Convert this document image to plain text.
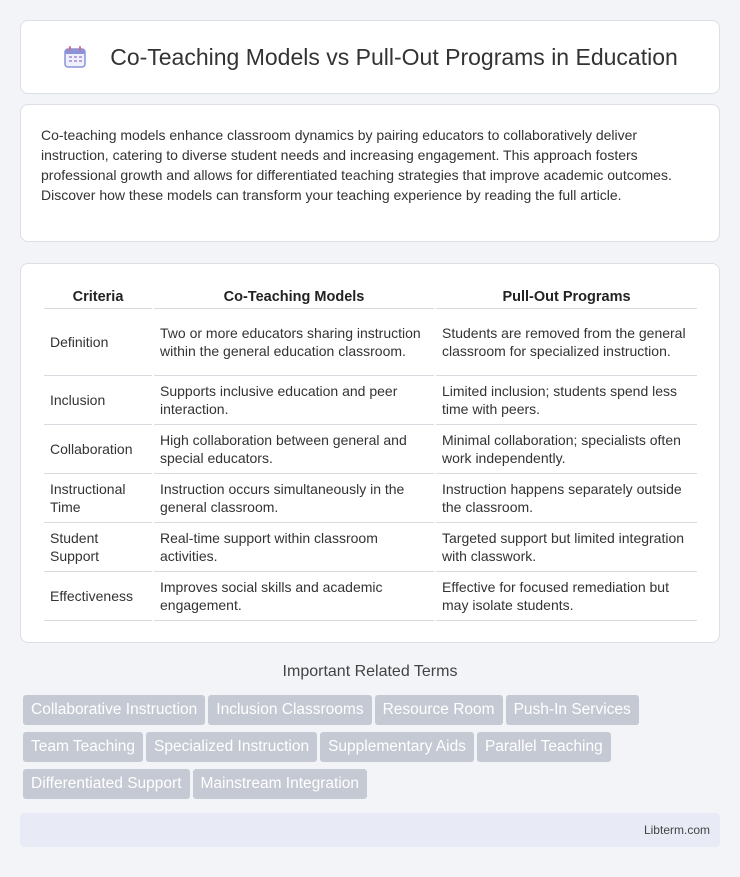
Co-Teaching Models vs Pull-Out Programs in Education

Co-teaching models enhance classroom dynamics by pairing educators to collaboratively deliver instruction, catering to diverse student needs and increasing engagement. This approach fosters professional growth and allows for differentiated teaching strategies that improve academic outcomes. Discover how these models can transform your teaching experience by reading the full article.

Criteria	Co-Teaching Models	Pull-Out Programs
Definition	Two or more educators sharing instruction within the general education classroom.	Students are removed from the general classroom for specialized instruction.
Inclusion	Supports inclusive education and peer interaction.	Limited inclusion; students spend less time with peers.
Collaboration	High collaboration between general and special educators.	Minimal collaboration; specialists often work independently.
Instructional Time	Instruction occurs simultaneously in the general classroom.	Instruction happens separately outside the classroom.
Student Support	Real-time support within classroom activities.	Targeted support but limited integration with classwork.
Effectiveness	Improves social skills and academic engagement.	Effective for focused remediation but may isolate students.
Important Related Terms
Collaborative Instruction Inclusion Classrooms Resource Room Push-In Services
Team Teaching Specialized Instruction Supplementary Aids Parallel Teaching
Differentiated Support Mainstream Integration
Libterm.com
